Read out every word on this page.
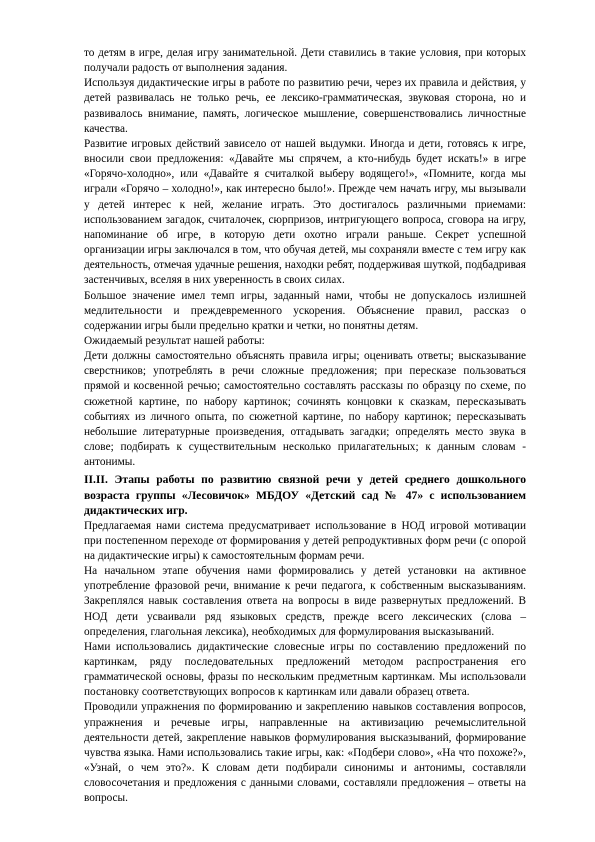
то детям в игре, делая игру занимательной. Дети ставились в такие условия, при которых получали радость от выполнения задания.

Используя дидактические игры в работе по развитию речи, через их правила и действия, у детей развивалась не только речь, ее лексико-грамматическая, звуковая сторона, но и развивалось внимание, память, логическое мышление, совершенствовались личностные качества.

Развитие игровых действий зависело от нашей выдумки. Иногда и дети, готовясь к игре, вносили свои предложения: «Давайте мы спрячем, а кто-нибудь будет искать!» в игре «Горячо-холодно», или «Давайте я считалкой выберу водящего!», «Помните, когда мы играли «Горячо – холодно!», как интересно было!». Прежде чем начать игру, мы вызывали у детей интерес к ней, желание играть. Это достигалось различными приемами: использованием загадок, считалочек, сюрпризов, интригующего вопроса, сговора на игру, напоминание об игре, в которую дети охотно играли раньше. Секрет успешной организации игры заключался в том, что обучая детей, мы сохраняли вместе с тем игру как деятельность, отмечая удачные решения, находки ребят, поддерживая шуткой, подбадривая застенчивых, вселяя в них уверенность в своих силах.

Большое значение имел темп игры, заданный нами, чтобы не допускалось излишней медлительности и преждевременного ускорения. Объяснение правил, рассказ о содержании игры были предельно кратки и четки, но понятны детям.

Ожидаемый результат нашей работы:

Дети должны самостоятельно объяснять правила игры; оценивать ответы; высказывание сверстников; употреблять в речи сложные предложения; при пересказе пользоваться прямой и косвенной речью; самостоятельно составлять рассказы по образцу по схеме, по сюжетной картине, по набору картинок; сочинять концовки к сказкам, пересказывать событиях из личного опыта, по сюжетной картине, по набору картинок; пересказывать небольшие литературные произведения, отгадывать загадки; определять место звука в слове; подбирать к существительным несколько прилагательных; к данным словам - антонимы.

II.II. Этапы работы по развитию связной речи у детей среднего дошкольного возраста группы «Лесовичок» МБДОУ «Детский сад № 47» с использованием дидактических игр.

Предлагаемая нами система предусматривает использование в НОД игровой мотивации при постепенном переходе от формирования у детей репродуктивных форм речи (с опорой на дидактические игры) к самостоятельным формам речи.

На начальном этапе обучения нами формировались у детей установки на активное употребление фразовой речи, внимание к речи педагога, к собственным высказываниям. Закреплялся навык составления ответа на вопросы в виде развернутых предложений. В НОД дети усваивали ряд языковых средств, прежде всего лексических (слова – определения, глагольная лексика), необходимых для формулирования высказываний.

Нами использовались дидактические словесные игры по составлению предложений по картинкам, ряду последовательных предложений методом распространения его грамматической основы, фразы по нескольким предметным картинкам. Мы использовали постановку соответствующих вопросов к картинкам или давали образец ответа.

Проводили упражнения по формированию и закреплению навыков составления вопросов, упражнения и речевые игры, направленные на активизацию речемыслительной деятельности детей, закрепление навыков формулирования высказываний, формирование чувства языка. Нами использовались такие игры, как: «Подбери слово», «На что похоже?», «Узнай, о чем это?». К словам дети подбирали синонимы и антонимы, составляли словосочетания и предложения с данными словами, составляли предложения – ответы на вопросы.
